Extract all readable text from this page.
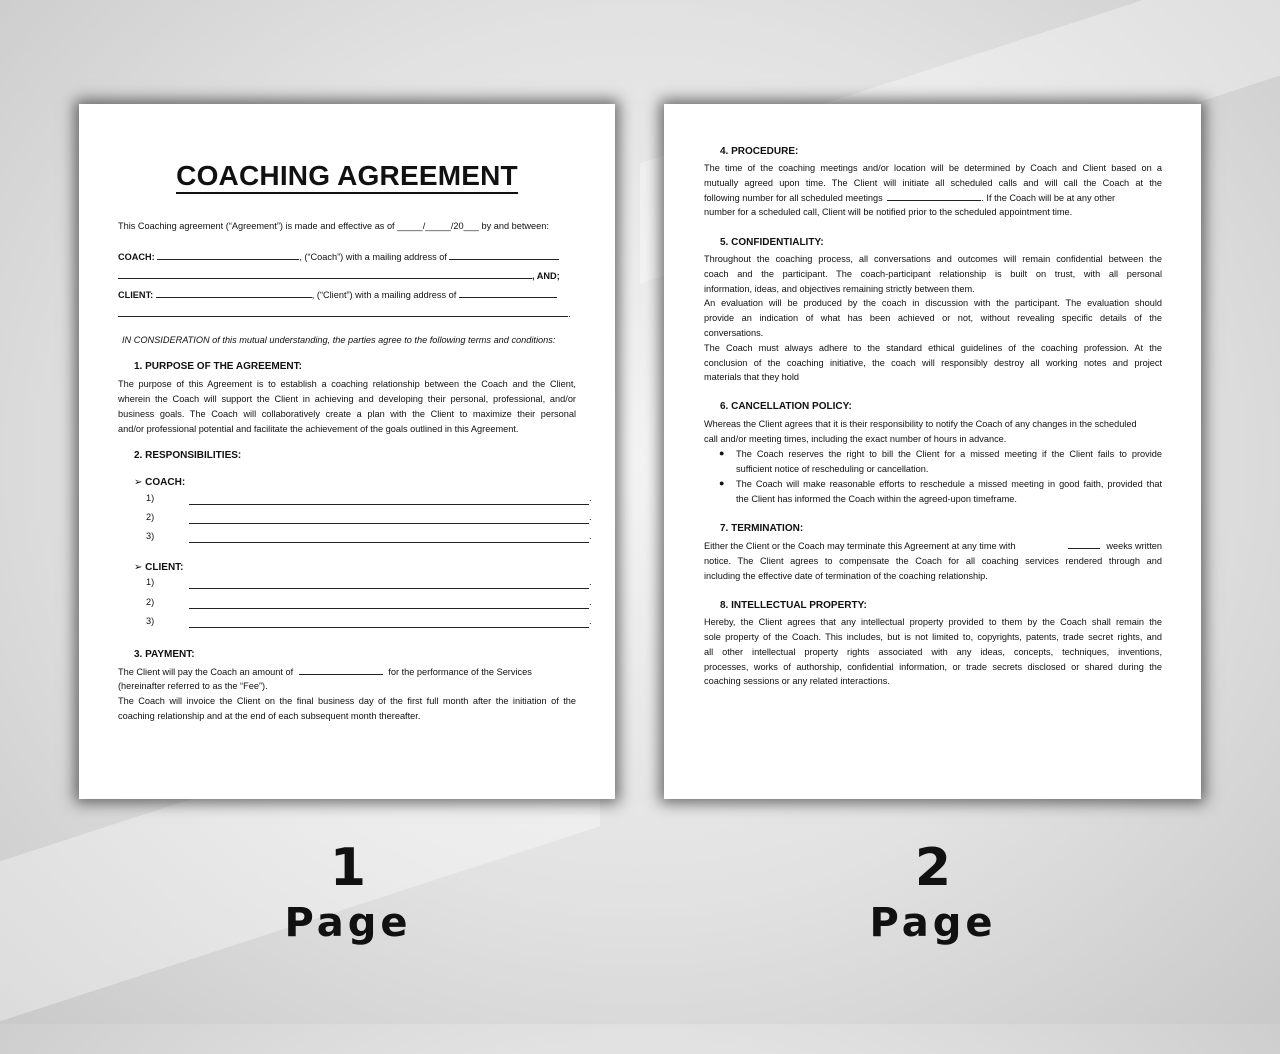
COACHING AGREEMENT
This Coaching agreement (“Agreement”) is made and effective as of _____/_____/20___ by and between:
COACH:	, (“Coach”) with a mailing address of
, AND;
CLIENT:	, (“Client”) with a mailing address of
.
IN CONSIDERATION of this mutual understanding, the parties agree to the following terms and conditions:
1. PURPOSE OF THE AGREEMENT:
The purpose of this Agreement is to establish a coaching relationship between the Coach and the Client,
wherein the Coach will support the Client in achieving and developing their personal, professional, and/or
business goals. The Coach will collaboratively create a plan with the Client to maximize their personal
and/or professional potential and facilitate the achievement of the goals outlined in this Agreement.
2. RESPONSIBILITIES:
➢ COACH:
1)	.
2)	.
3)	.
➢ CLIENT:
1)	.
2)	.
3)	.
3. PAYMENT:
The Client will pay the Coach an amount of	for the performance of the Services
(hereinafter referred to as the “Fee”).
The Coach will invoice the Client on the final business day of the first full month after the initiation of the
coaching relationship and at the end of each subsequent month thereafter.
4. PROCEDURE:
The time of the coaching meetings and/or location will be determined by Coach and Client based on a
mutually agreed upon time. The Client will initiate all scheduled calls and will call the Coach at the
following number for all scheduled meetings	. If the Coach will be at any other
number for a scheduled call, Client will be notified prior to the scheduled appointment time.
5. CONFIDENTIALITY:
Throughout the coaching process, all conversations and outcomes will remain confidential between the
coach and the participant. The coach-participant relationship is built on trust, with all personal
information, ideas, and objectives remaining strictly between them.
An evaluation will be produced by the coach in discussion with the participant. The evaluation should
provide an indication of what has been achieved or not, without revealing specific details of the
conversations.
The Coach must always adhere to the standard ethical guidelines of the coaching profession. At the
conclusion of the coaching initiative, the coach will responsibly destroy all working notes and project
materials that they hold
6. CANCELLATION POLICY:
Whereas the Client agrees that it is their responsibility to notify the Coach of any changes in the scheduled
call and/or meeting times, including the exact number of hours in advance.
● The Coach reserves the right to bill the Client for a missed meeting if the Client fails to provide
sufficient notice of rescheduling or cancellation.
● The Coach will make reasonable efforts to reschedule a missed meeting in good faith, provided that
the Client has informed the Coach within the agreed-upon timeframe.
7. TERMINATION:
Either the Client or the Coach may terminate this Agreement at any time with	weeks written
notice. The Client agrees to compensate the Coach for all coaching services rendered through and
including the effective date of termination of the coaching relationship.
8. INTELLECTUAL PROPERTY:
Hereby, the Client agrees that any intellectual property provided to them by the Coach shall remain the
sole property of the Coach. This includes, but is not limited to, copyrights, patents, trade secret rights, and
all other intellectual property rights associated with any ideas, concepts, techniques, inventions,
processes, works of authorship, confidential information, or trade secrets disclosed or shared during the
coaching sessions or any related interactions.
1
Page
2
Page
